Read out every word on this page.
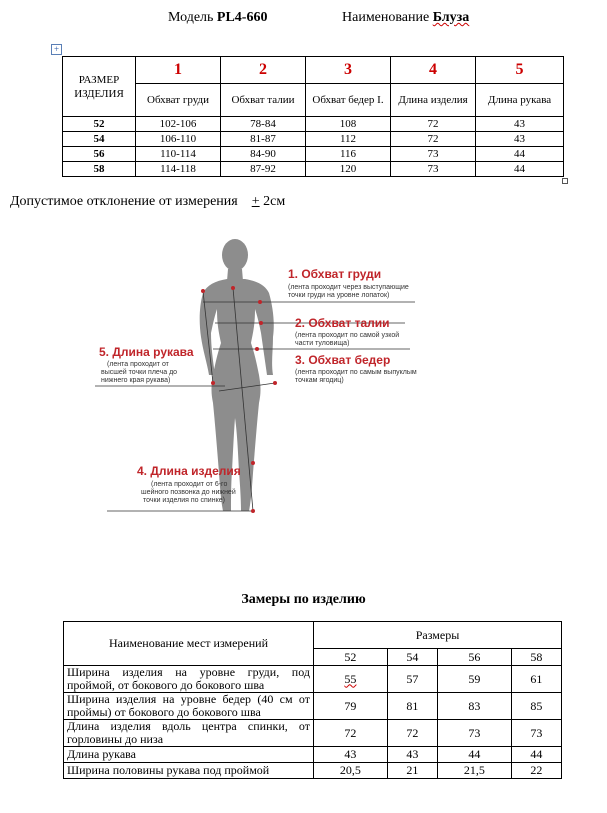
Модель PL4-660	Наименование Блуза
+
РАЗМЕР ИЗДЕЛИЯ	1	2	3	4	5
	Обхват груди	Обхват талии	Обхват бедер I.	Длина изделия	Длина рукава
52	102-106	78-84	108	72	43
54	106-110	81-87	112	72	43
56	110-114	84-90	116	73	44
58	114-118	87-92	120	73	44
Допустимое отклонение от измерения + 2см
1. Обхват груди
(лента проходит через выступающие
точки груди на уровне лопаток)
2. Обхват талии
(лента проходит по самой узкой
части туловища)
3. Обхват бедер
(лента проходит по самым выпуклым
точкам ягодиц)
5. Длина рукава
(лента проходит от
высшей точки плеча до
нижнего края рукава)
4. Длина изделия
(лента проходит от 6-го
шейного позвонка до нижней
точки изделия по спинке)
Замеры по изделию
Наименование мест измерений	Размеры			
	52	54	56	58
Ширина изделия на уровне груди, под проймой, от бокового до бокового шва	55	57	59	61
Ширина изделия на уровне бедер (40 см от проймы) от бокового до бокового шва	79	81	83	85
Длина изделия вдоль центра спинки, от горловины до низа	72	72	73	73
Длина рукава	43	43	44	44
Ширина половины рукава под проймой	20,5	21	21,5	22
